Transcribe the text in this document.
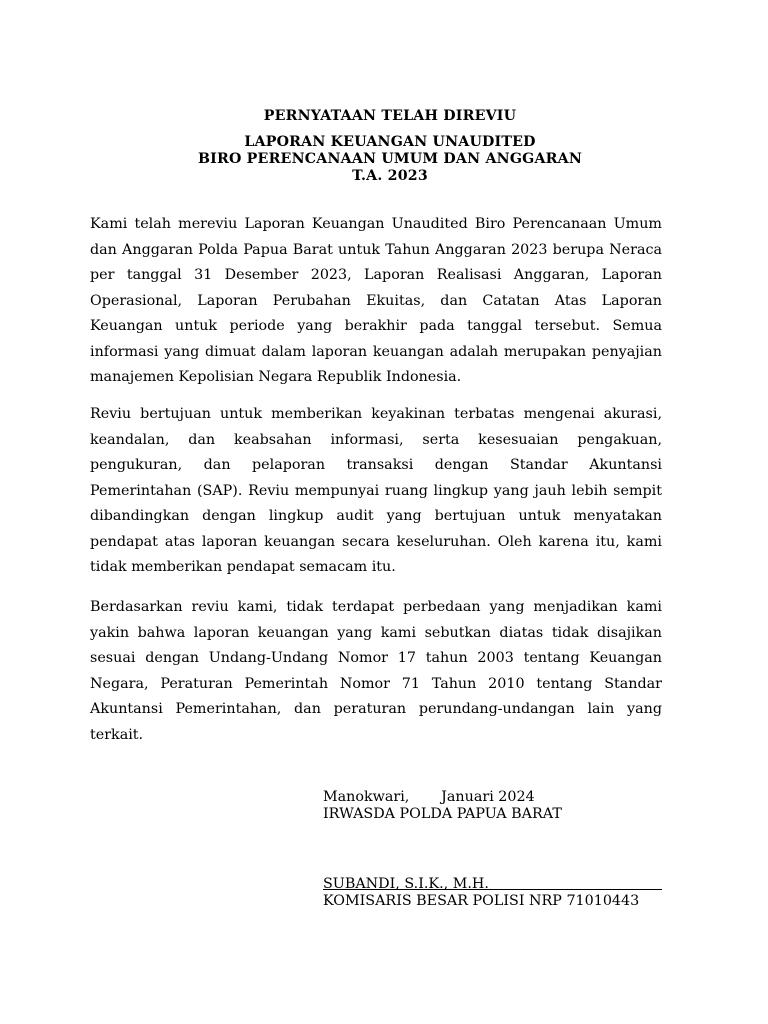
PERNYATAAN TELAH DIREVIU
LAPORAN KEUANGAN UNAUDITED
BIRO PERENCANAAN UMUM DAN ANGGARAN
T.A. 2023

Kami telah mereviu Laporan Keuangan Unaudited Biro Perencanaan Umum dan Anggaran Polda Papua Barat untuk Tahun Anggaran 2023 berupa Neraca per tanggal 31 Desember 2023, Laporan Realisasi Anggaran, Laporan Operasional, Laporan Perubahan Ekuitas, dan Catatan Atas Laporan Keuangan untuk periode yang berakhir pada tanggal tersebut. Semua informasi yang dimuat dalam laporan keuangan adalah merupakan penyajian manajemen Kepolisian Negara Republik Indonesia.

Reviu bertujuan untuk memberikan keyakinan terbatas mengenai akurasi, keandalan, dan keabsahan informasi, serta kesesuaian pengakuan, pengukuran, dan pelaporan transaksi dengan Standar Akuntansi Pemerintahan (SAP). Reviu mempunyai ruang lingkup yang jauh lebih sempit dibandingkan dengan lingkup audit yang bertujuan untuk menyatakan pendapat atas laporan keuangan secara keseluruhan. Oleh karena itu, kami tidak memberikan pendapat semacam itu.

Berdasarkan reviu kami, tidak terdapat perbedaan yang menjadikan kami yakin bahwa laporan keuangan yang kami sebutkan diatas tidak disajikan sesuai dengan Undang-Undang Nomor 17 tahun 2003 tentang Keuangan Negara, Peraturan Pemerintah Nomor 71 Tahun 2010 tentang Standar Akuntansi Pemerintahan, dan peraturan perundang-undangan lain yang terkait.

Manokwari,       Januari 2024
IRWASDA POLDA PAPUA BARAT
SUBANDI, S.I.K., M.H.
KOMISARIS BESAR POLISI NRP 71010443
